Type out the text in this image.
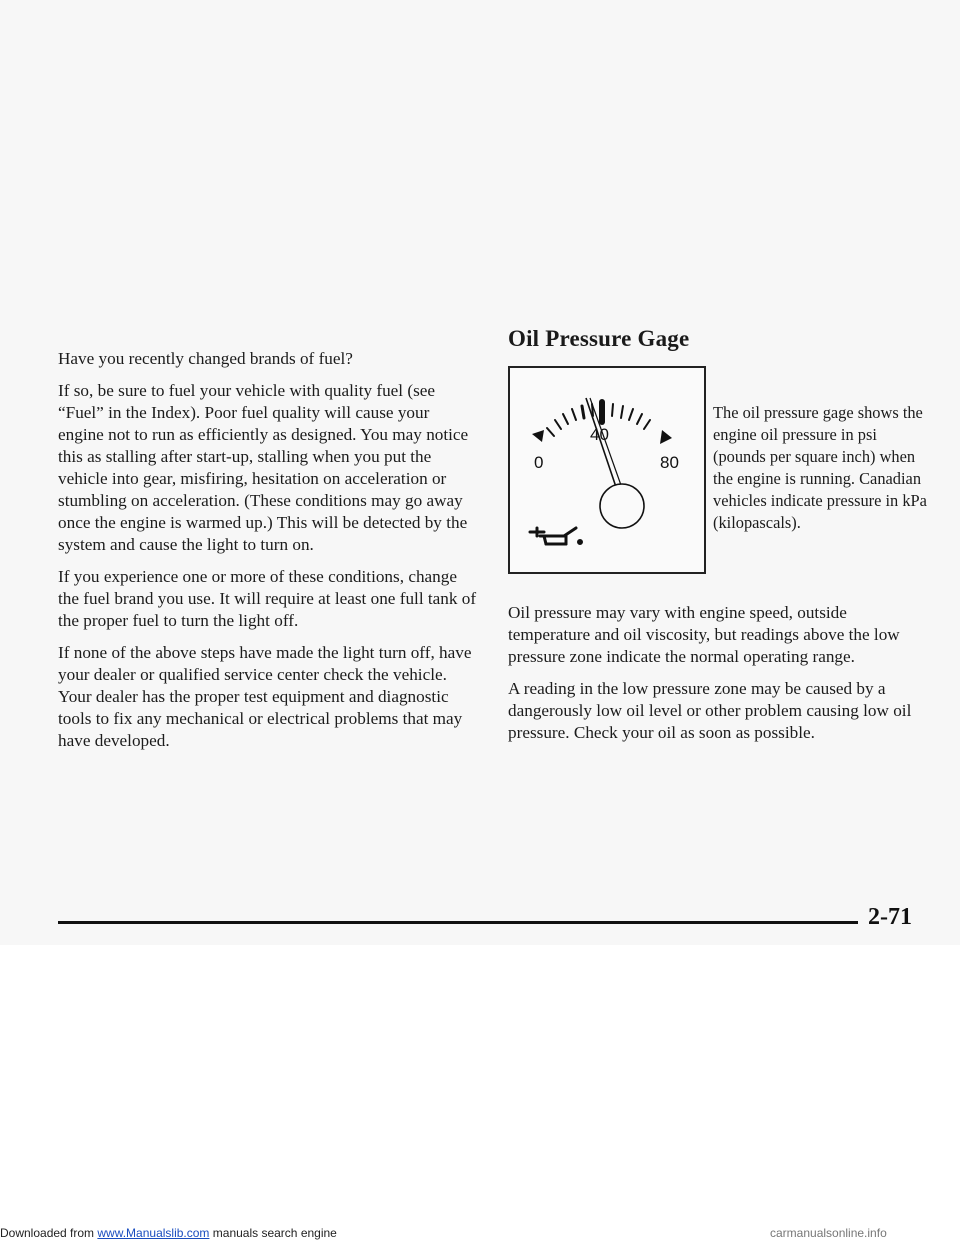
Have you recently changed brands of fuel?

If so, be sure to fuel your vehicle with quality fuel (see “Fuel” in the Index). Poor fuel quality will cause your engine not to run as efficiently as designed. You may notice this as stalling after start-up, stalling when you put the vehicle into gear, misfiring, hesitation on acceleration or stumbling on acceleration. (These conditions may go away once the engine is warmed up.) This will be detected by the system and cause the light to turn on.

If you experience one or more of these conditions, change the fuel brand you use. It will require at least one full tank of the proper fuel to turn the light off.

If none of the above steps have made the light turn off, have your dealer or qualified service center check the vehicle. Your dealer has the proper test equipment and diagnostic tools to fix any mechanical or electrical problems that may have developed.

Oil Pressure Gage
0
40
80
The oil pressure gage shows the engine oil pressure in psi (pounds per square inch) when the engine is running. Canadian vehicles indicate pressure in kPa (kilopascals).

Oil pressure may vary with engine speed, outside temperature and oil viscosity, but readings above the low pressure zone indicate the normal operating range.

A reading in the low pressure zone may be caused by a dangerously low oil level or other problem causing low oil pressure. Check your oil as soon as possible.

2-71
Downloaded from www.Manualslib.com manuals search engine	carmanualsonline.info
